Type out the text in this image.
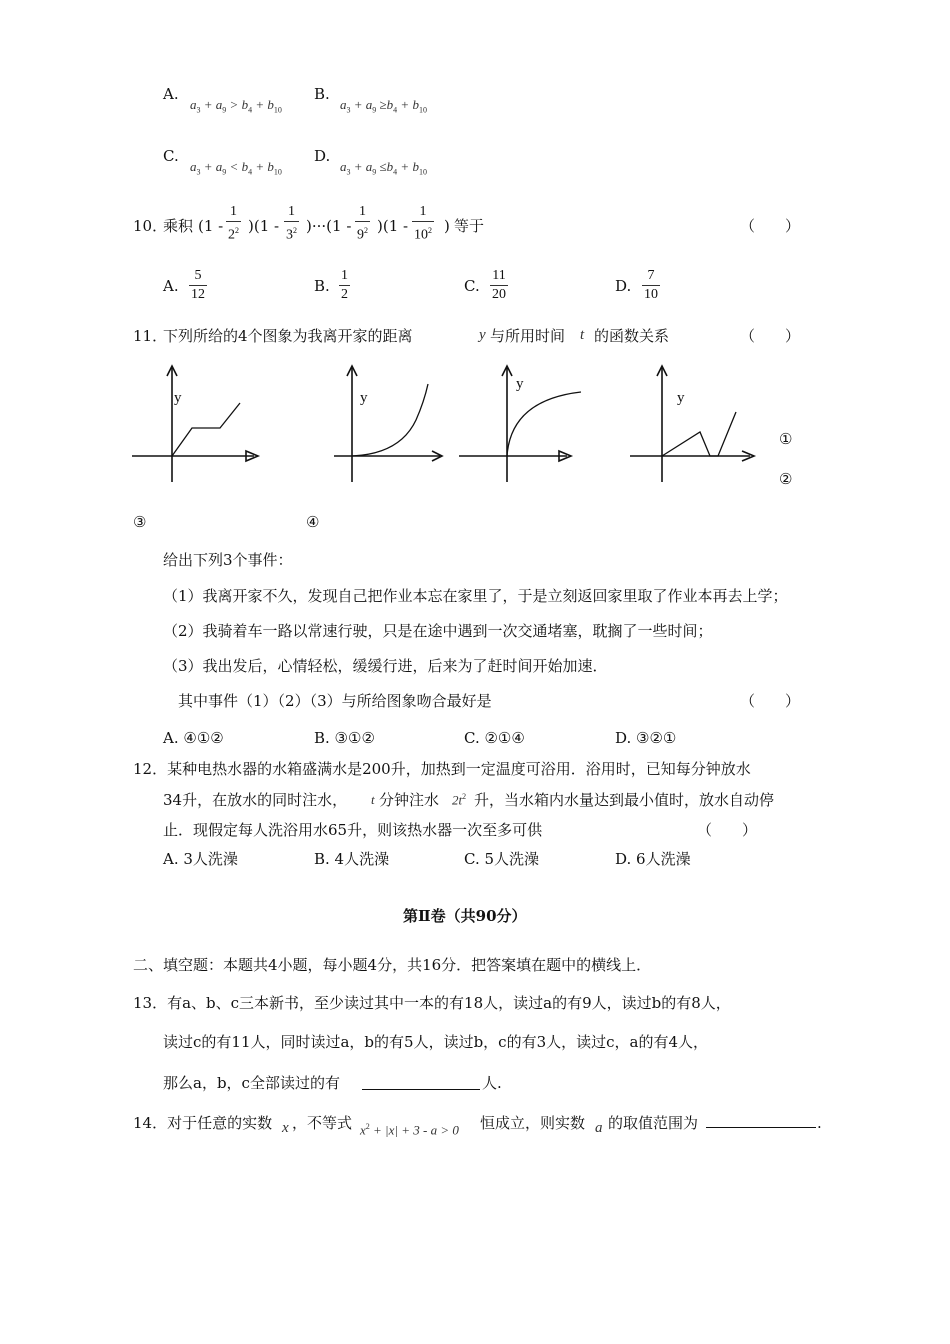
A.
$a_3 + a_9 > b_4 + b_{10}$
B.
$a_3 + a_9 \ge b_4 + b_{10}$
C.
$a_3 + a_9 < b_4 + b_{10}$
D.
$a_3 + a_9 \le b_4 + b_{10}$
10．
乘积 (1 -
1
$2^2$ )(1 -
1
$3^2$ )···(1 -
1
$9^2$ )(1 -
1
$10^2$ ) 等于	（　　）
A.
5
12	B.
1
2	C.
11
20	D.
7
10
11．
下列所给的4个图象为我离开家的距离	y 与所用时间 t 的函数关系	（　　）
y	y
y
y
①
②
③	④
给出下列3个事件：
（1）我离开家不久，发现自己把作业本忘在家里了，于是立刻返回家里取了作业本再去上学；
（2）我骑着车一路以常速行驶，只是在途中遇到一次交通堵塞，耽搁了一些时间；
（3）我出发后，心情轻松，缓缓行进，后来为了赶时间开始加速．
其中事件（1）（2）（3）与所给图象吻合最好是	（　　）
A. ④①②	B. ③①②	C. ②①④	D. ③②①
12．某种电热水器的水箱盛满水是200升，加热到一定温度可浴用．浴用时，已知每分钟放水
34升，在放水的同时注水， t 分钟注水 $2t^2$ 升，当水箱内水量达到最小值时，放水自动停
止．现假定每人洗浴用水65升，则该热水器一次至多可供	（　　）
A. 3人洗澡	B. 4人洗澡	C. 5人洗澡	D. 6人洗澡
第Ⅱ卷（共90分）
二、填空题：本题共4小题，每小题4分，共16分．把答案填在题中的横线上．
13．有a、b、c三本新书，至少读过其中一本的有18人，读过a的有9人，读过b的有8人，
读过c的有11人，同时读过a，b的有5人，读过b，c的有3人，读过c，a的有4人，
那么a，b，c全部读过的有	人.
14．对于任意的实数 x ，不等式 $x^2 + |x| + 3 - a > 0$ 恒成立，则实数 a 的取值范围为	.
